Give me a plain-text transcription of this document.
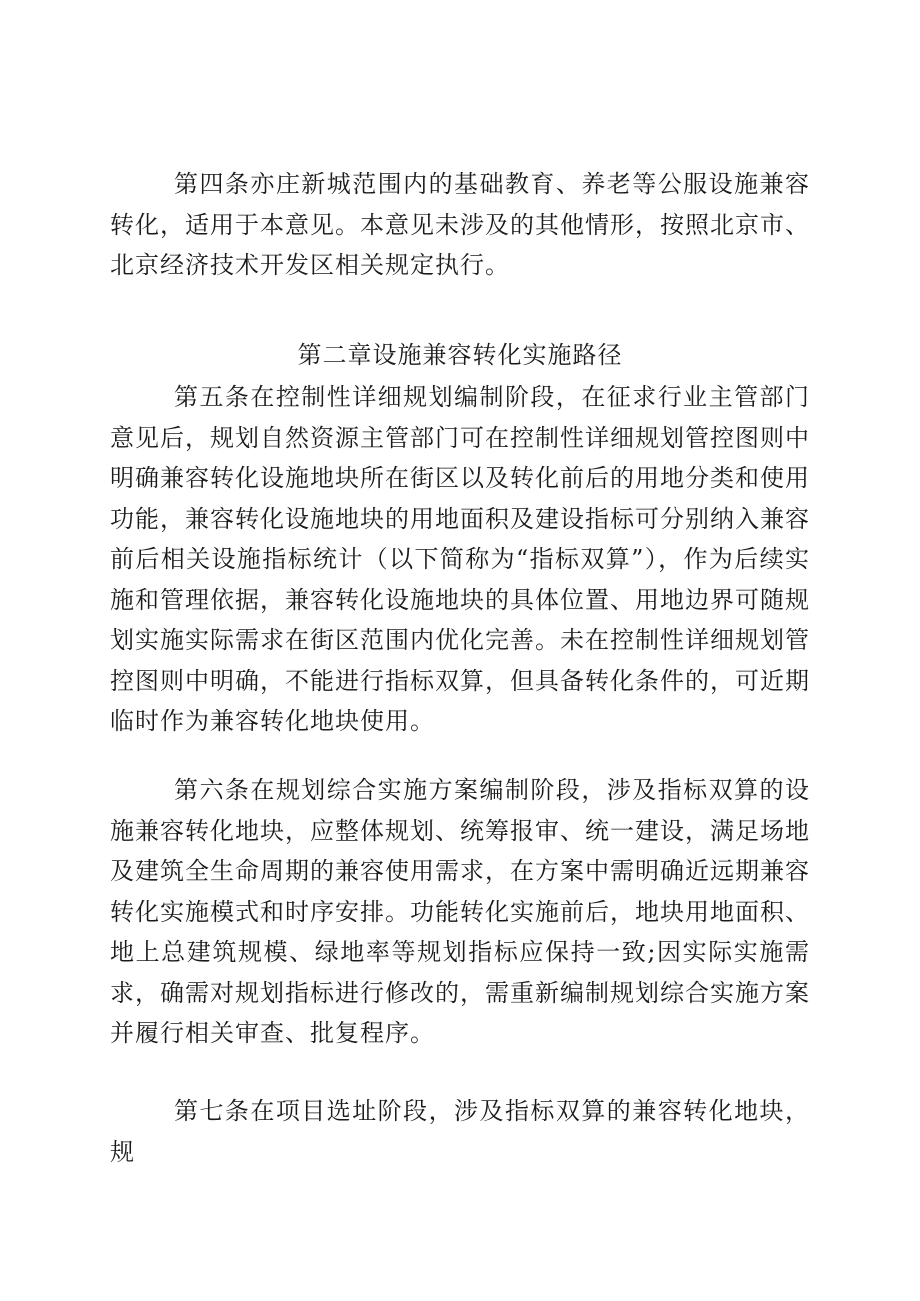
第四条亦庄新城范围内的基础教育、养老等公服设施兼容转化，适用于本意见。本意见未涉及的其他情形，按照北京市、北京经济技术开发区相关规定执行。

第二章设施兼容转化实施路径

第五条在控制性详细规划编制阶段，在征求行业主管部门意见后，规划自然资源主管部门可在控制性详细规划管控图则中明确兼容转化设施地块所在街区以及转化前后的用地分类和使用功能，兼容转化设施地块的用地面积及建设指标可分别纳入兼容前后相关设施指标统计（以下简称为“指标双算”），作为后续实施和管理依据，兼容转化设施地块的具体位置、用地边界可随规划实施实际需求在街区范围内优化完善。未在控制性详细规划管控图则中明确，不能进行指标双算，但具备转化条件的，可近期临时作为兼容转化地块使用。

第六条在规划综合实施方案编制阶段，涉及指标双算的设施兼容转化地块，应整体规划、统筹报审、统一建设，满足场地及建筑全生命周期的兼容使用需求，在方案中需明确近远期兼容转化实施模式和时序安排。功能转化实施前后，地块用地面积、地上总建筑规模、绿地率等规划指标应保持一致;因实际实施需求，确需对规划指标进行修改的，需重新编制规划综合实施方案并履行相关审查、批复程序。

第七条在项目选址阶段，涉及指标双算的兼容转化地块，规
